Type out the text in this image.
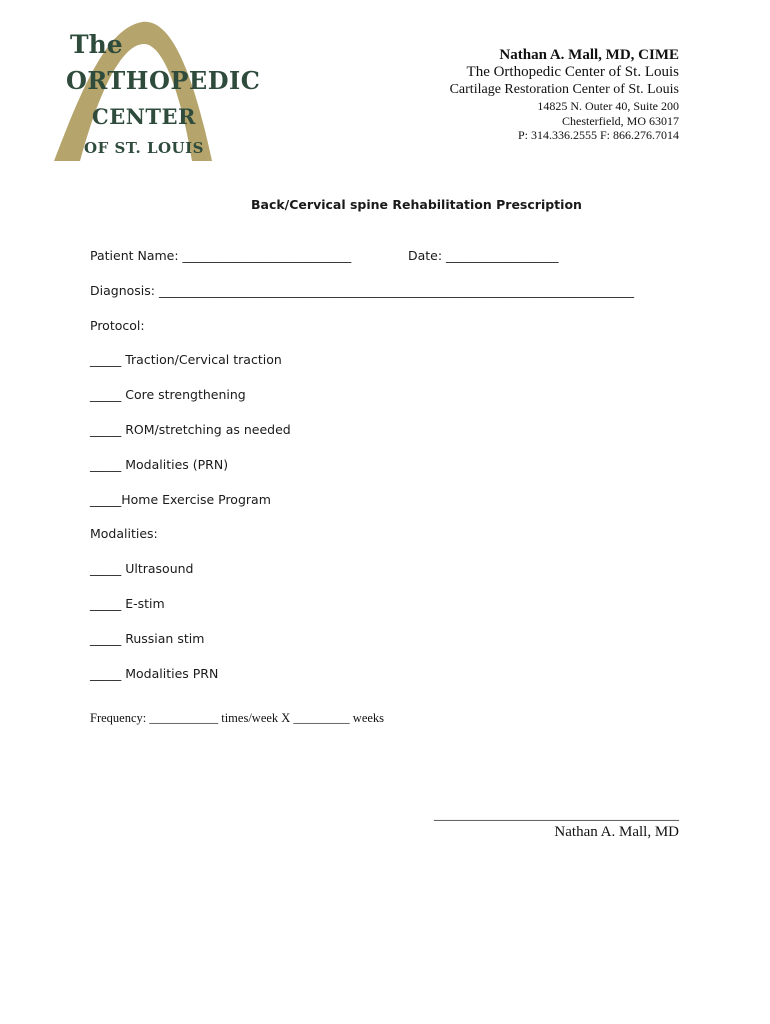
The
ORTHOPEDIC
CENTER
OF ST. LOUIS
Nathan A. Mall, MD, CIME
The Orthopedic Center of St. Louis
Cartilage Restoration Center of St. Louis
14825 N. Outer 40, Suite 200
Chesterfield, MO 63017
P: 314.336.2555 F: 866.276.7014
Back/Cervical spine Rehabilitation Prescription
Patient Name: ___________________________	Date: __________________
Diagnosis: ____________________________________________________________________________
Protocol:
_____ Traction/Cervical traction
_____ Core strengthening
_____ ROM/stretching as needed
_____ Modalities (PRN)
_____Home Exercise Program
Modalities:
_____ Ultrasound
_____ E-stim
_____ Russian stim
_____ Modalities PRN
Frequency: ___________ times/week X _________ weeks
___________________________________
Nathan A. Mall, MD
